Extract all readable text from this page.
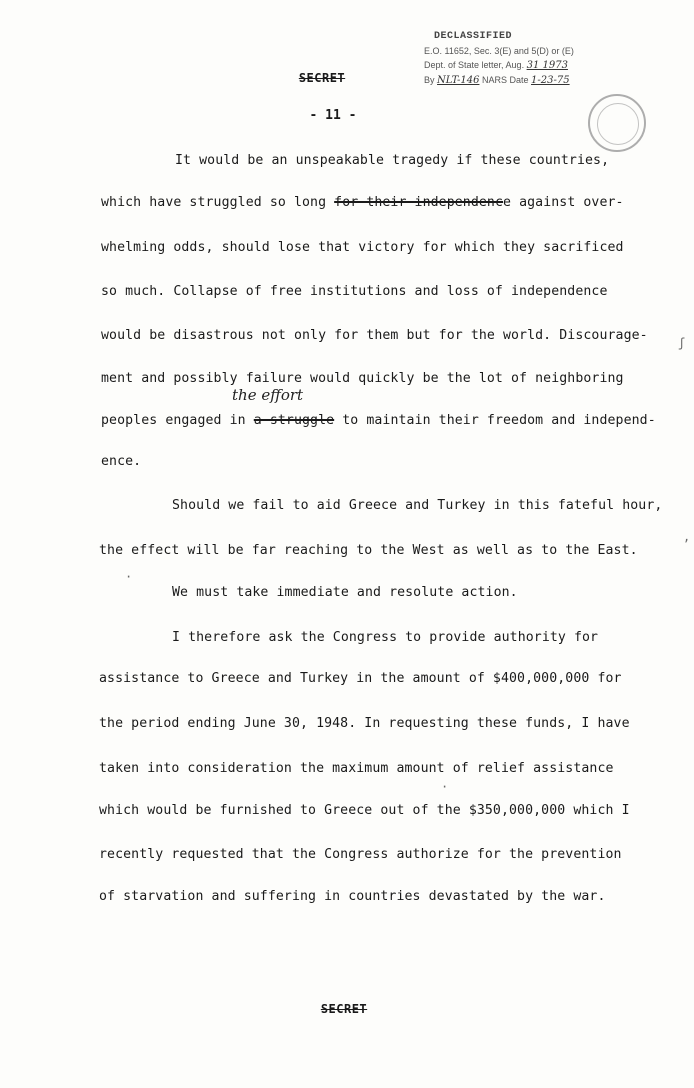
DECLASSIFIED
E.O. 11652, Sec. 3(E) and 5(D) or (E)
Dept. of State letter, Aug. 31 1973
By NLT-146 NARS Date 1-23-75
SECRET
- 11 -
It would be an unspeakable tragedy if these countries,
which have struggled so long for their independence against over-
whelming odds, should lose that victory for which they sacrificed
so much. Collapse of free institutions and loss of independence
would be disastrous not only for them but for the world. Discourage-
ment and possibly failure would quickly be the lot of neighboring
the effort
peoples engaged in a struggle to maintain their freedom and independ-
ence.
Should we fail to aid Greece and Turkey in this fateful hour,
the effect will be far reaching to the West as well as to the East.
We must take immediate and resolute action.
I therefore ask the Congress to provide authority for
assistance to Greece and Turkey in the amount of $400,000,000 for
the period ending June 30, 1948. In requesting these funds, I have
taken into consideration the maximum amount of relief assistance
which would be furnished to Greece out of the $350,000,000 which I
recently requested that the Congress authorize for the prevention
of starvation and suffering in countries devastated by the war.
ʃ
,
·
·
SECRET
